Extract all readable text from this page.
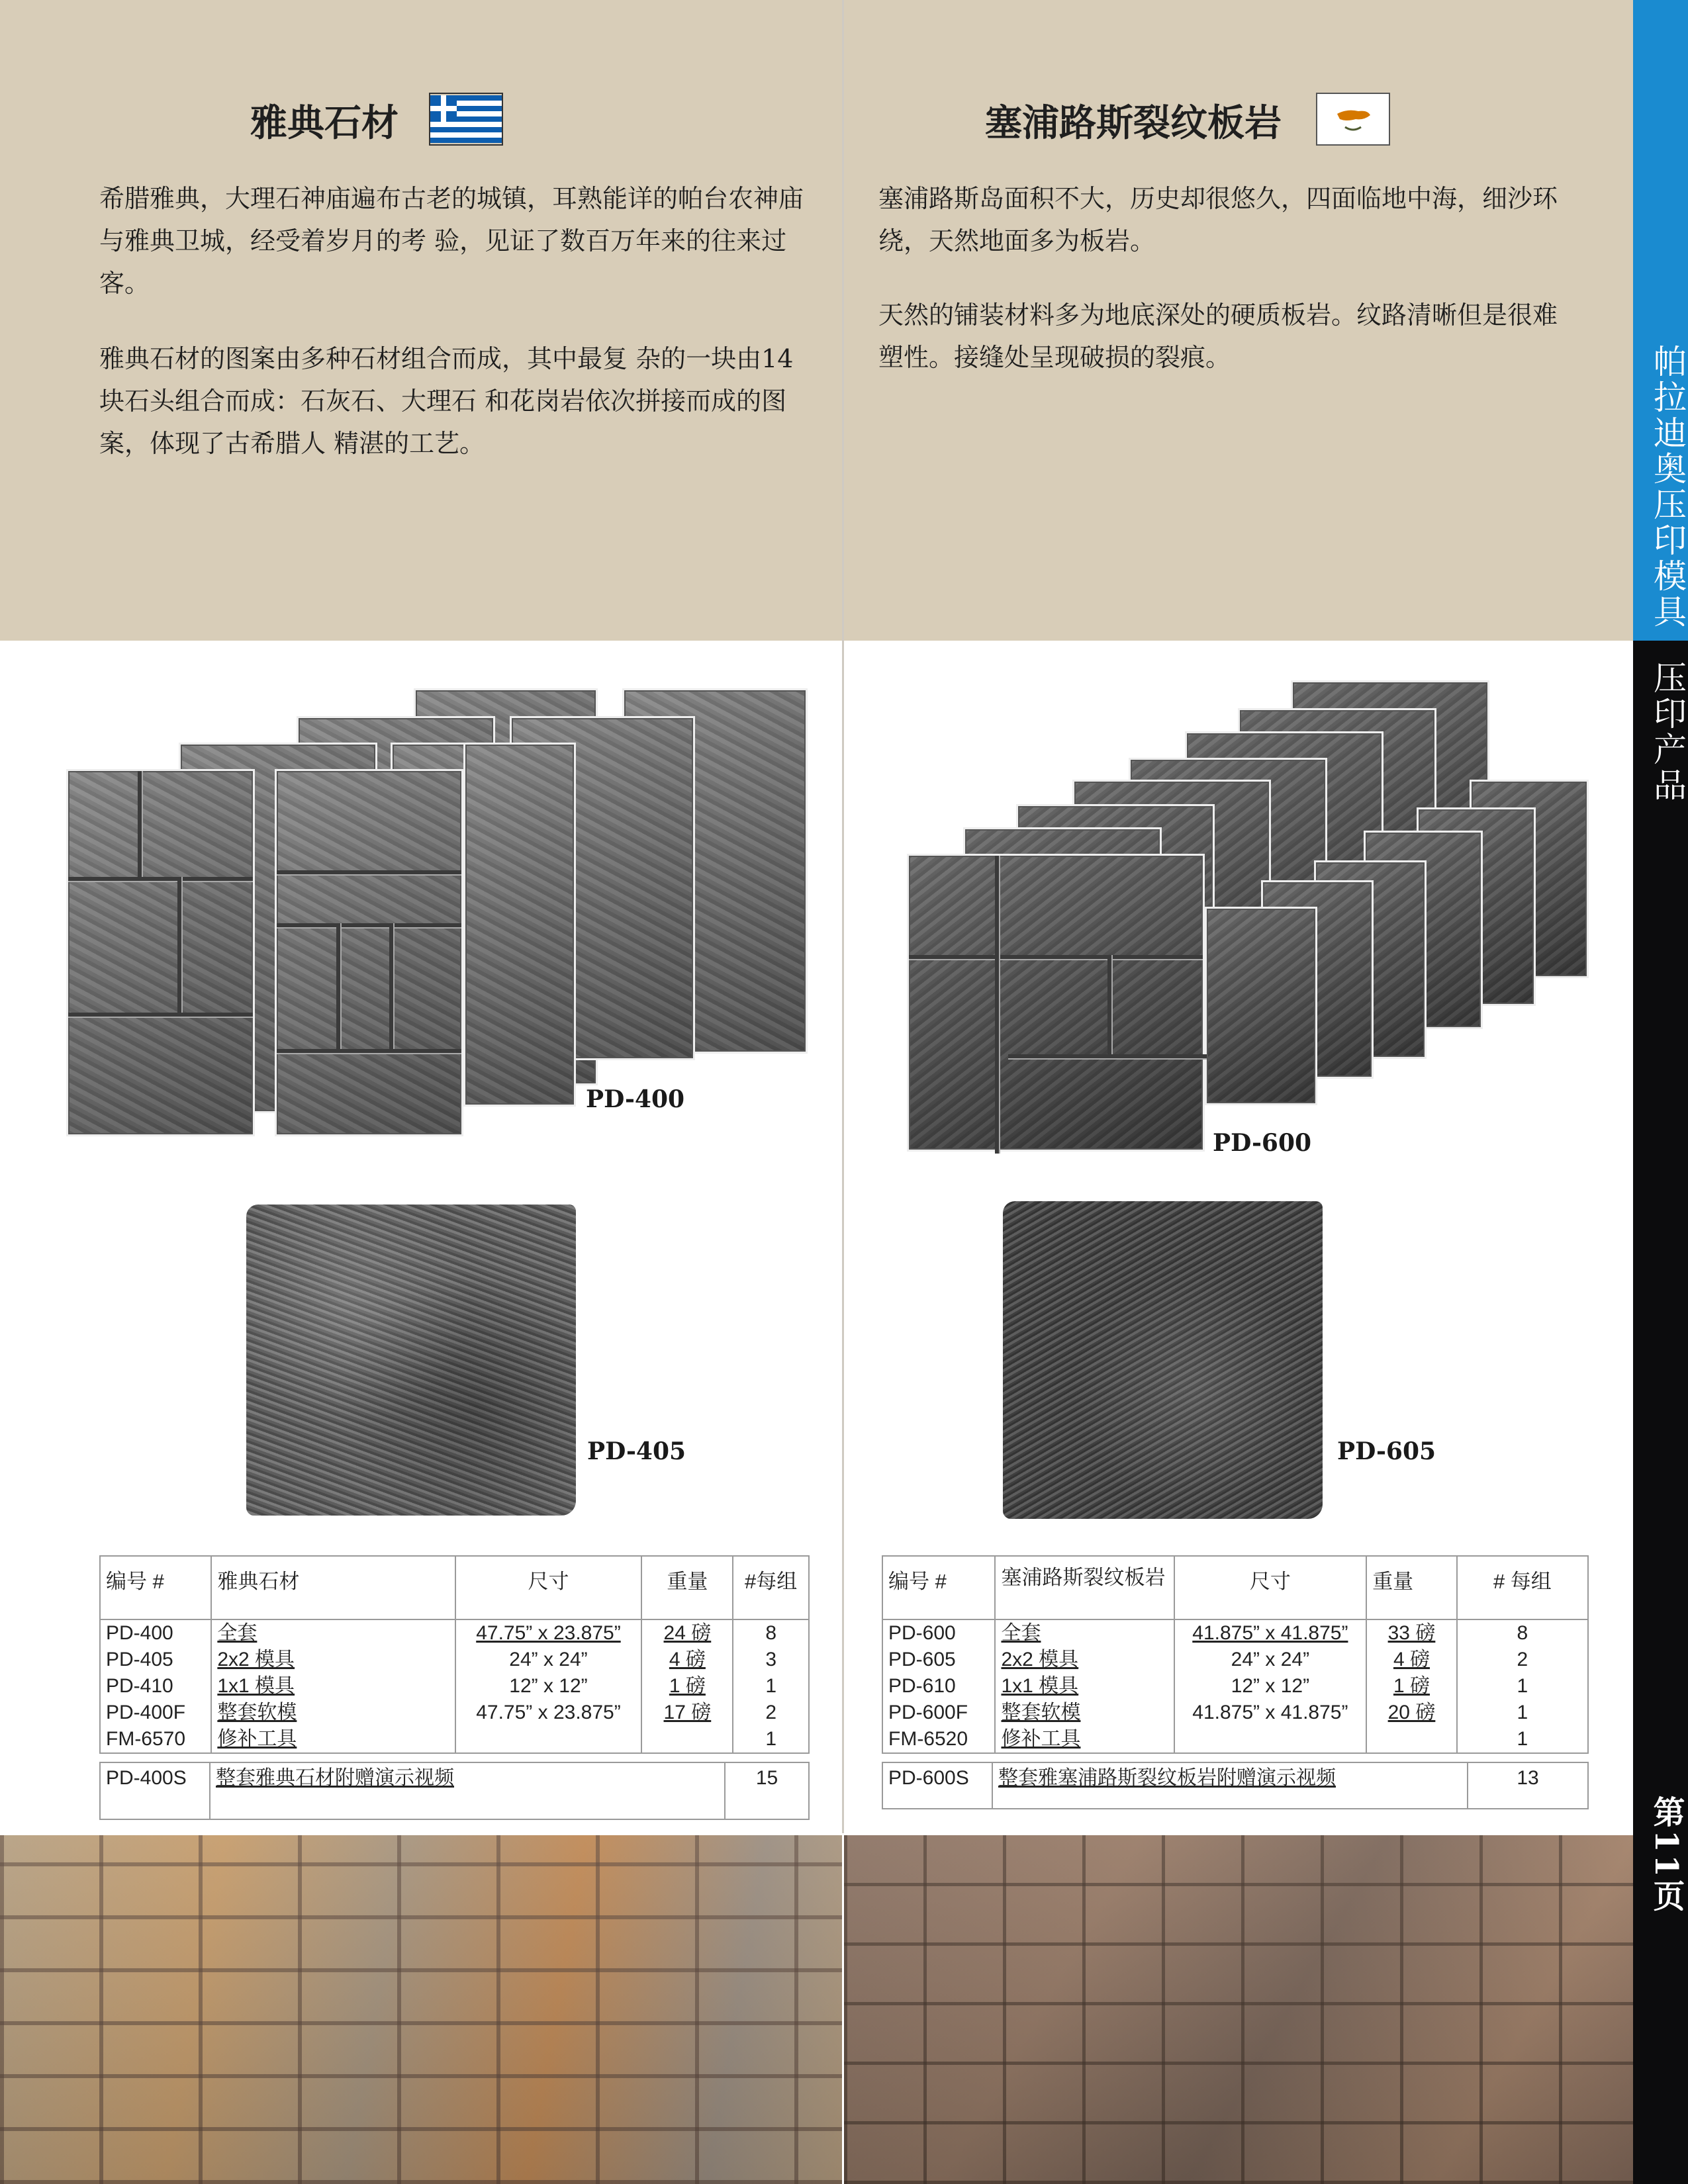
帕拉迪奥压印模具
压印产品
第11页
雅典石材
希腊雅典，大理石神庙遍布古老的城镇，耳熟能详的帕台农神庙与雅典卫城，经受着岁月的考 验，见证了数百万年来的往来过客。
雅典石材的图案由多种石材组合而成，其中最复 杂的一块由14块石头组合而成：石灰石、大理石 和花岗岩依次拼接而成的图案，体现了古希腊人 精湛的工艺。
PD-400
PD-405
编号 #	雅典石材	尺寸	重量	#每组
PD-400	全套	47.75” x 23.875”	24 磅	8
PD-405	2x2 模具	24” x 24”	4 磅	3
PD-410	1x1 模具	12” x 12”	1 磅	1
PD-400F	整套软模	47.75” x 23.875”	17 磅	2
FM-6570	修补工具			1
PD-400S	整套雅典石材附赠演示视频	15
塞浦路斯裂纹板岩
塞浦路斯岛面积不大，历史却很悠久，四面临地中海，细沙环绕，天然地面多为板岩。
天然的铺装材料多为地底深处的硬质板岩。纹路清晰但是很难塑性。接缝处呈现破损的裂痕。
PD-600
PD-605
编号 #	塞浦路斯裂纹板岩	尺寸	重量	# 每组
PD-600	全套	41.875” x 41.875”	33 磅	8
PD-605	2x2 模具	24” x 24”	4 磅	2
PD-610	1x1 模具	12” x 12”	1 磅	1
PD-600F	整套软模	41.875” x 41.875”	20 磅	1
FM-6520	修补工具			1
PD-600S	整套雅塞浦路斯裂纹板岩附赠演示视频	13
